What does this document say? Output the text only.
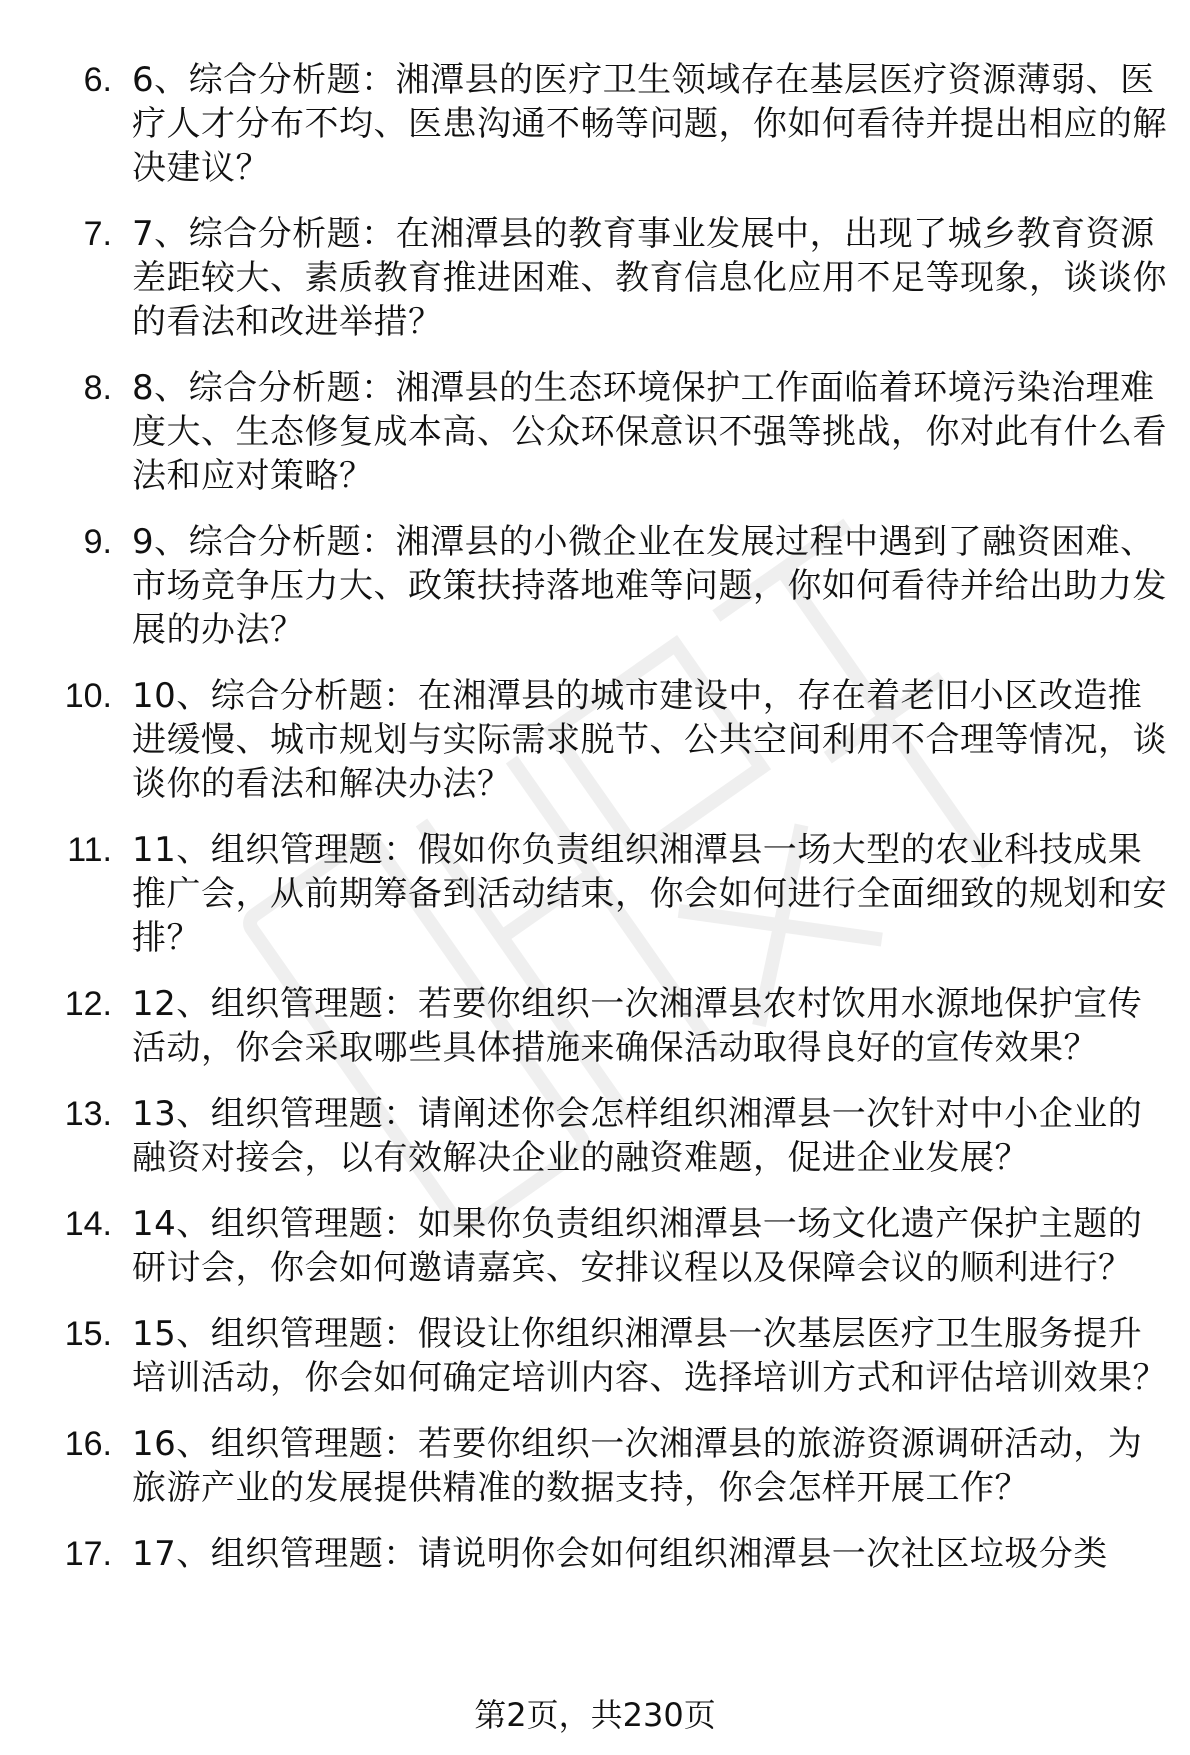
6. 6、综合分析题：湘潭县的医疗卫生领域存在基层医疗资源薄弱、医疗人才分布不均、医患沟通不畅等问题，你如何看待并提出相应的解决建议？
7. 7、综合分析题：在湘潭县的教育事业发展中，出现了城乡教育资源差距较大、素质教育推进困难、教育信息化应用不足等现象，谈谈你的看法和改进举措？
8. 8、综合分析题：湘潭县的生态环境保护工作面临着环境污染治理难度大、生态修复成本高、公众环保意识不强等挑战，你对此有什么看法和应对策略？
9. 9、综合分析题：湘潭县的小微企业在发展过程中遇到了融资困难、市场竞争压力大、政策扶持落地难等问题，你如何看待并给出助力发展的办法？
10. 10、综合分析题：在湘潭县的城市建设中，存在着老旧小区改造推进缓慢、城市规划与实际需求脱节、公共空间利用不合理等情况，谈谈你的看法和解决办法？
11. 11、组织管理题：假如你负责组织湘潭县一场大型的农业科技成果推广会，从前期筹备到活动结束，你会如何进行全面细致的规划和安排？
12. 12、组织管理题：若要你组织一次湘潭县农村饮用水源地保护宣传活动，你会采取哪些具体措施来确保活动取得良好的宣传效果？
13. 13、组织管理题：请阐述你会怎样组织湘潭县一次针对中小企业的融资对接会，以有效解决企业的融资难题，促进企业发展？
14. 14、组织管理题：如果你负责组织湘潭县一场文化遗产保护主题的研讨会，你会如何邀请嘉宾、安排议程以及保障会议的顺利进行？
15. 15、组织管理题：假设让你组织湘潭县一次基层医疗卫生服务提升培训活动，你会如何确定培训内容、选择培训方式和评估培训效果？
16. 16、组织管理题：若要你组织一次湘潭县的旅游资源调研活动，为旅游产业的发展提供精准的数据支持，你会怎样开展工作？
17. 17、组织管理题：请说明你会如何组织湘潭县一次社区垃圾分类
第2页，共230页
